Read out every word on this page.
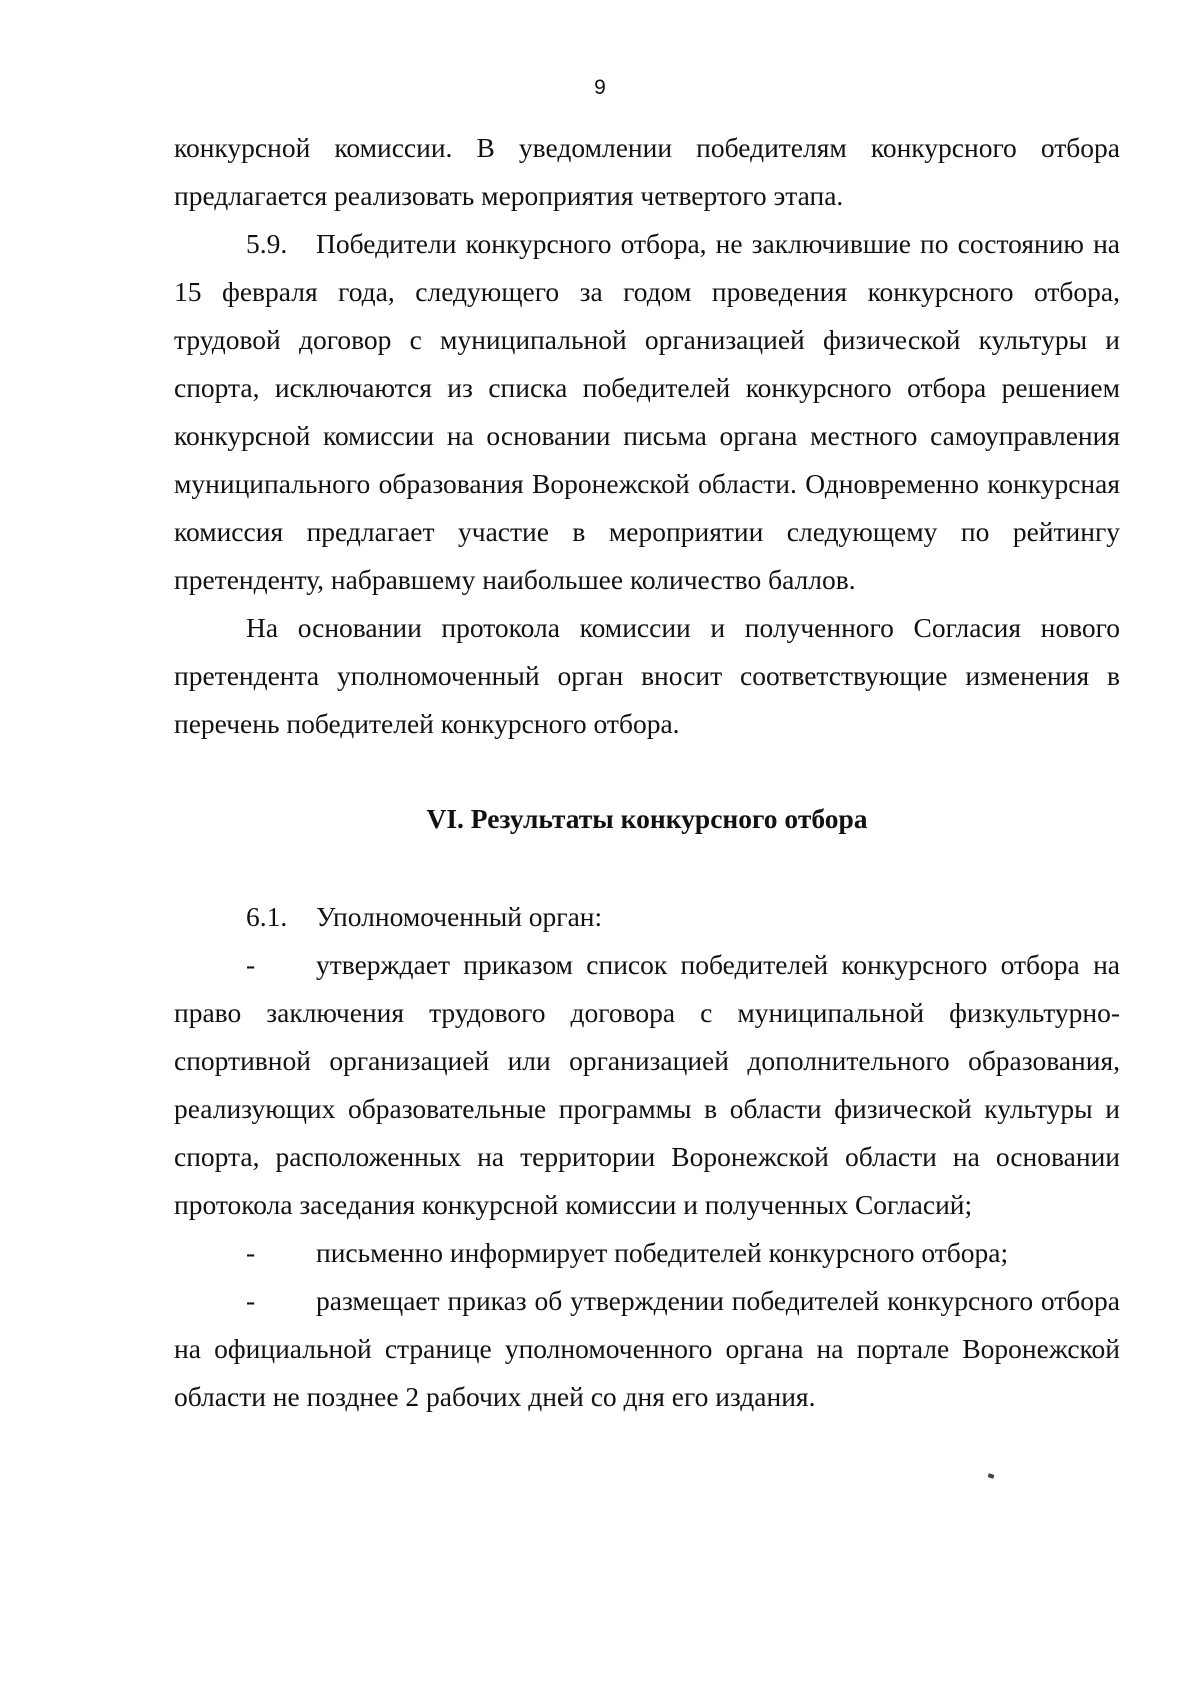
9

конкурсной комиссии. В уведомлении победителям конкурсного отбора предлагается реализовать мероприятия четвертого этапа.

5.9. Победители конкурсного отбора, не заключившие по состоянию на 15 февраля года, следующего за годом проведения конкурсного отбора, трудовой договор с муниципальной организацией физической культуры и спорта, исключаются из списка победителей конкурсного отбора решением конкурсной комиссии на основании письма органа местного самоуправления муниципального образования Воронежской области. Одновременно конкурсная комиссия предлагает участие в мероприятии следующему по рейтингу претенденту, набравшему наибольшее количество баллов.

На основании протокола комиссии и полученного Согласия нового претендента уполномоченный орган вносит соответствующие изменения в перечень победителей конкурсного отбора.

VI. Результаты конкурсного отбора

6.1. Уполномоченный орган:

- утверждает приказом список победителей конкурсного отбора на право заключения трудового договора с муниципальной физкультурно-спортивной организацией или организацией дополнительного образования, реализующих образовательные программы в области физической культуры и спорта, расположенных на территории Воронежской области на основании протокола заседания конкурсной комиссии и полученных Согласий;

- письменно информирует победителей конкурсного отбора;

- размещает приказ об утверждении победителей конкурсного отбора на официальной странице уполномоченного органа на портале Воронежской области не позднее 2 рабочих дней со дня его издания.
